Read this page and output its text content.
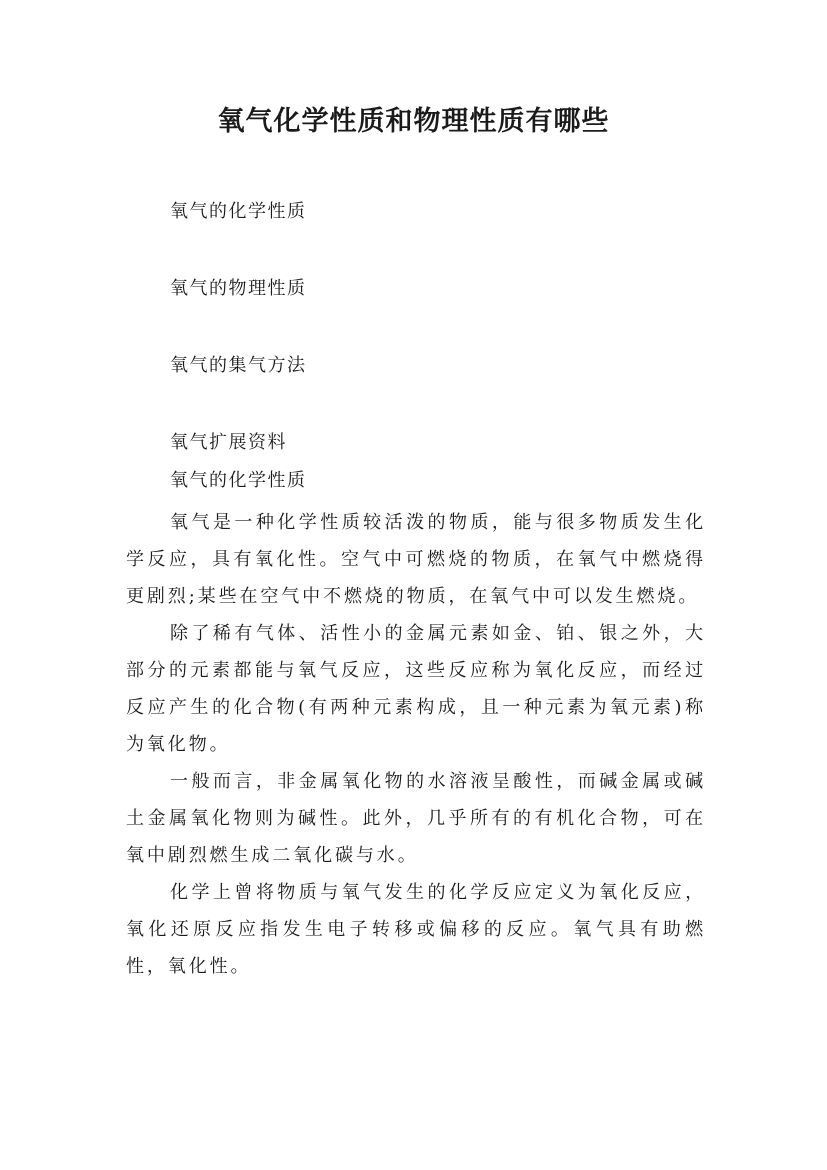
氧气化学性质和物理性质有哪些
氧气的化学性质
氧气的物理性质
氧气的集气方法
氧气扩展资料
氧气的化学性质

氧气是一种化学性质较活泼的物质，能与很多物质发生化学反应，具有氧化性。空气中可燃烧的物质，在氧气中燃烧得更剧烈;某些在空气中不燃烧的物质，在氧气中可以发生燃烧。

除了稀有气体、活性小的金属元素如金、铂、银之外，大部分的元素都能与氧气反应，这些反应称为氧化反应，而经过反应产生的化合物(有两种元素构成，且一种元素为氧元素)称为氧化物。

一般而言，非金属氧化物的水溶液呈酸性，而碱金属或碱土金属氧化物则为碱性。此外，几乎所有的有机化合物，可在氧中剧烈燃生成二氧化碳与水。

化学上曾将物质与氧气发生的化学反应定义为氧化反应，氧化还原反应指发生电子转移或偏移的反应。氧气具有助燃性，氧化性。
